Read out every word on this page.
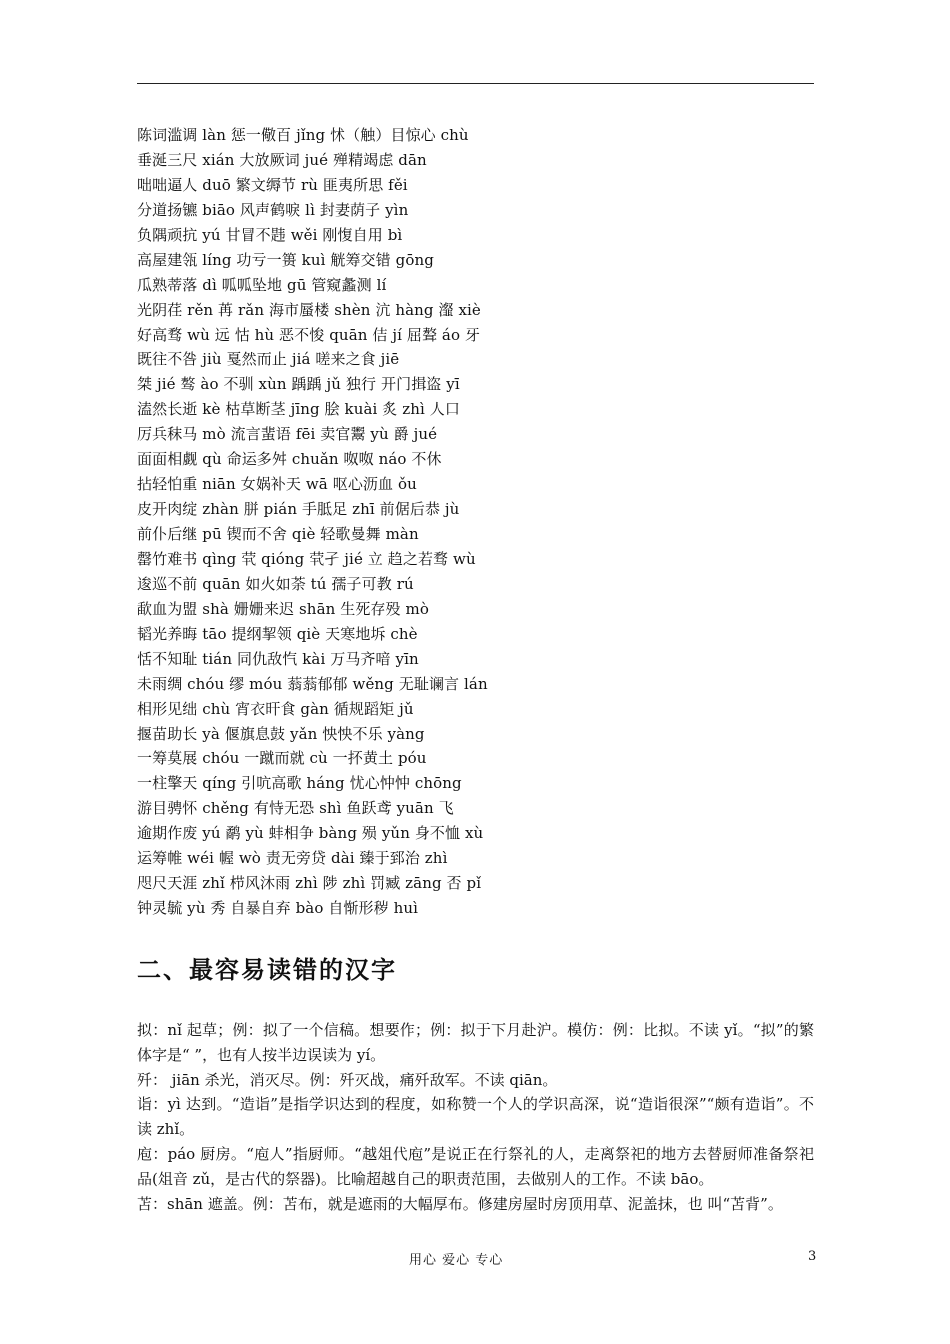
陈词滥调 làn 惩一儆百 jǐng 怵（触）目惊心 chù
垂涎三尺 xián 大放厥词 jué 殚精竭虑 dān
咄咄逼人 duō 繁文缛节 rù 匪夷所思 fěi
分道扬镳 biāo 风声鹤唳 lì 封妻荫子 yìn
负隅顽抗 yú 甘冒不韪 wěi 刚愎自用 bì
高屋建瓴 líng 功亏一篑 kuì 觥筹交错 gōng
瓜熟蒂落 dì 呱呱坠地 gū 管窥蠡测 lí
光阴荏 rěn 苒 rǎn 海市蜃楼 shèn 沆 hàng 瀣 xiè
好高骛 wù 远 怙 hù 恶不悛 quān 佶 jí 屈聱 áo 牙
既往不咎 jiù 戛然而止 jiá 嗟来之食 jiē
桀 jié 骜 ào 不驯 xùn 踽踽 jǔ 独行 开门揖盗 yī
溘然长逝 kè 枯草断茎 jīng 脍 kuài 炙 zhì 人口
厉兵秣马 mò 流言蜚语 fēi 卖官鬻 yù 爵 jué
面面相觑 qù 命运多舛 chuǎn 呶呶 náo 不休
拈轻怕重 niān 女娲补天 wā 呕心沥血 ǒu
皮开肉绽 zhàn 胼 pián 手胝足 zhī 前倨后恭 jù
前仆后继 pū 锲而不舍 qiè 轻歌曼舞 màn
罄竹难书 qìng 茕 qióng 茕孑 jié 立 趋之若骛 wù
逡巡不前 quān 如火如荼 tú 孺子可教 rú
歃血为盟 shà 姗姗来迟 shān 生死存殁 mò
韬光养晦 tāo 提纲挈领 qiè 天寒地坼 chè
恬不知耻 tián 同仇敌忾 kài 万马齐喑 yīn
未雨绸 chóu 缪 móu 蓊蓊郁郁 wěng 无耻谰言 lán
相形见绌 chù 宵衣旰食 gàn 循规蹈矩 jǔ
揠苗助长 yà 偃旗息鼓 yǎn 怏怏不乐 yàng
一筹莫展 chóu 一蹴而就 cù 一抔黄土 póu
一柱擎天 qíng 引吭高歌 háng 忧心忡忡 chōng
游目骋怀 chěng 有恃无恐 shì 鱼跃鸢 yuān 飞
逾期作废 yú 鹬 yù 蚌相争 bàng 殒 yǔn 身不恤 xù
运筹帷 wéi 幄 wò 责无旁贷 dài 臻于郅治 zhì
咫尺天涯 zhǐ 栉风沐雨 zhì 陟 zhì 罚臧 zāng 否 pǐ
钟灵毓 yù 秀 自暴自弃 bào 自惭形秽 huì
二、最容易读错的汉字

拟：nǐ 起草；例：拟了一个信稿。想要作；例：拟于下月赴沪。模仿：例：比拟。不读 yǐ。“拟”的繁体字是“ ”，也有人按半边误读为 yí。

歼： jiān 杀光，消灭尽。例：歼灭战，痛歼敌军。不读 qiān。

诣：yì 达到。“造诣”是指学识达到的程度，如称赞一个人的学识高深，说“造诣很深”“颇有造诣”。不读 zhǐ。

庖：páo 厨房。“庖人”指厨师。“越俎代庖”是说正在行祭礼的人，走离祭祀的地方去替厨师准备祭祀品(俎音 zǔ，是古代的祭器)。比喻超越自己的职责范围，去做别人的工作。不读 bāo。

苫：shān 遮盖。例：苫布，就是遮雨的大幅厚布。修建房屋时房顶用草、泥盖抹，也 叫“苫背”。

用心 爱心 专心	3
